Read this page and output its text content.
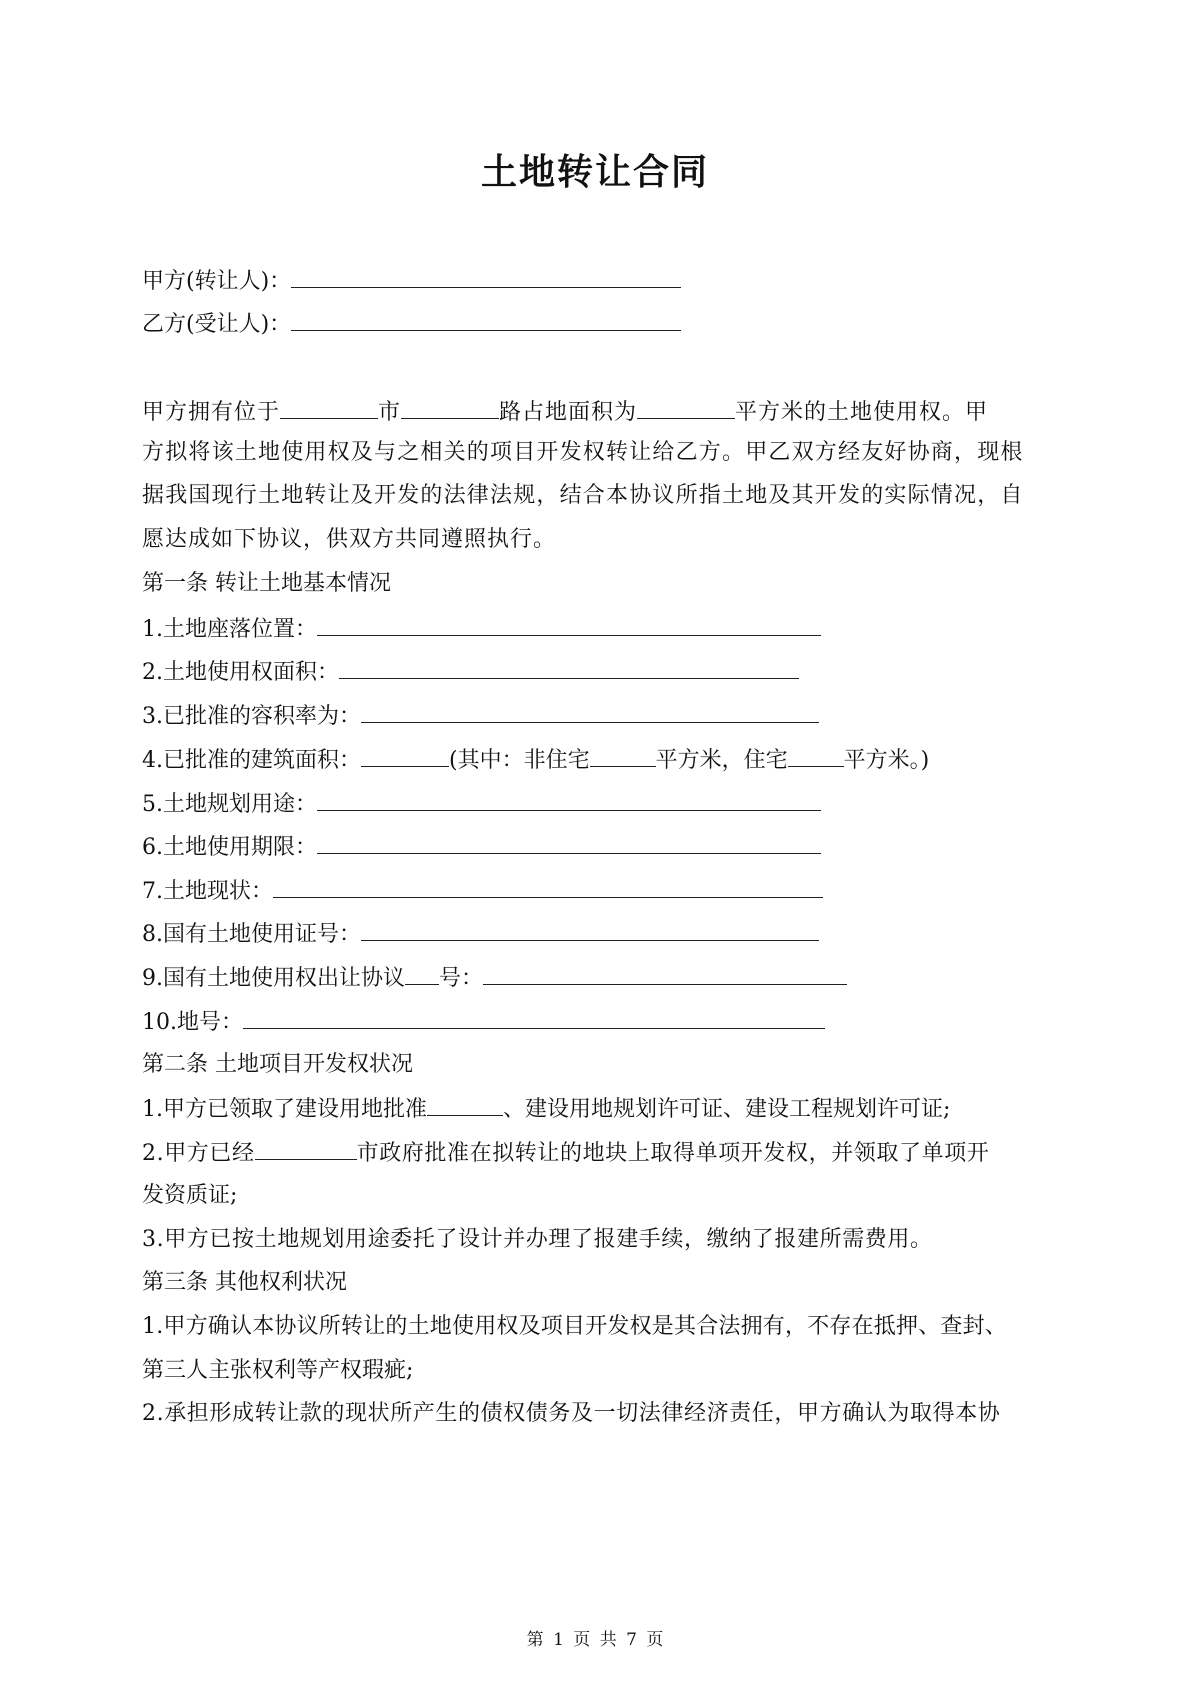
土地转让合同
甲方(转让人)：
乙方(受让人)：
甲方拥有位于	市	路占地面积为	平方米的土地使用权。甲
方拟将该土地使用权及与之相关的项目开发权转让给乙方。甲乙双方经友好协商，现根
据我国现行土地转让及开发的法律法规，结合本协议所指土地及其开发的实际情况，自
愿达成如下协议，供双方共同遵照执行。
第一条 转让土地基本情况
1.土地座落位置：
2.土地使用权面积：
3.已批准的容积率为：
4.已批准的建筑面积：	(其中：非住宅	平方米，住宅	平方米。)
5.土地规划用途：
6.土地使用期限：
7.土地现状：
8.国有土地使用证号：
9.国有土地使用权出让协议 号：
10.地号：
第二条 土地项目开发权状况
1.甲方已领取了建设用地批准	、建设用地规划许可证、建设工程规划许可证;
2.甲方已经	市政府批准在拟转让的地块上取得单项开发权，并领取了单项开
发资质证;
3.甲方已按土地规划用途委托了设计并办理了报建手续，缴纳了报建所需费用。
第三条 其他权利状况
1.甲方确认本协议所转让的土地使用权及项目开发权是其合法拥有，不存在抵押、查封、
第三人主张权利等产权瑕疵;
2.承担形成转让款的现状所产生的债权债务及一切法律经济责任，甲方确认为取得本协
第 1 页 共 7 页
